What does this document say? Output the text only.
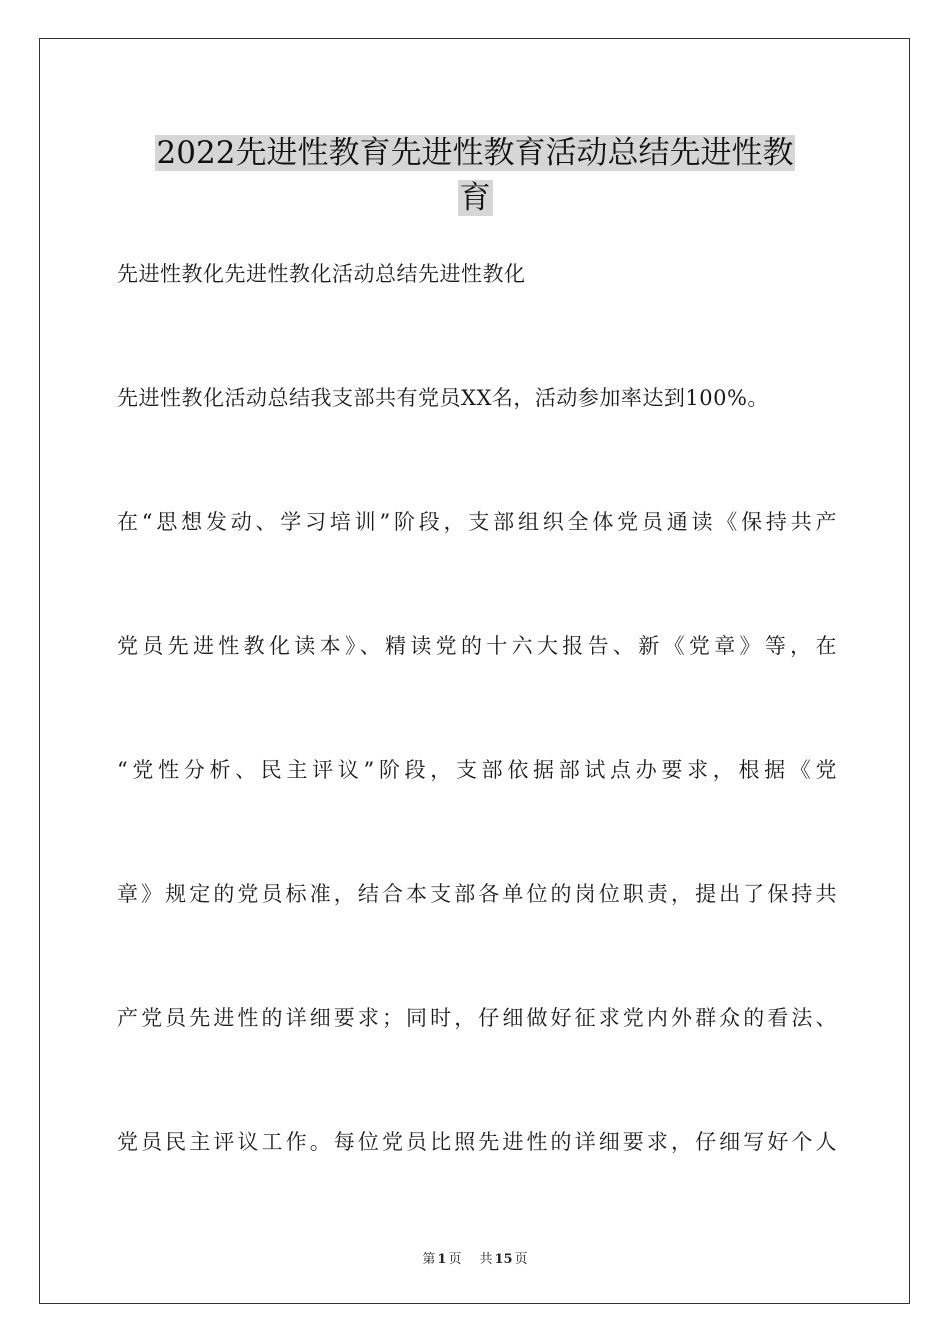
2022先进性教育先进性教育活动总结先进性教
育
先进性教化先进性教化活动总结先进性教化
先进性教化活动总结我支部共有党员XX名，活动参加率达到100%。
在“思想发动、学习培训”阶段，支部组织全体党员通读《保持共产
党员先进性教化读本》、精读党的十六大报告、新《党章》等，在
“党性分析、民主评议”阶段，支部依据部试点办要求，根据《党
章》规定的党员标准，结合本支部各单位的岗位职责，提出了保持共
产党员先进性的详细要求；同时，仔细做好征求党内外群众的看法、
党员民主评议工作。每位党员比照先进性的详细要求，仔细写好个人
第 1 页 共 15 页
